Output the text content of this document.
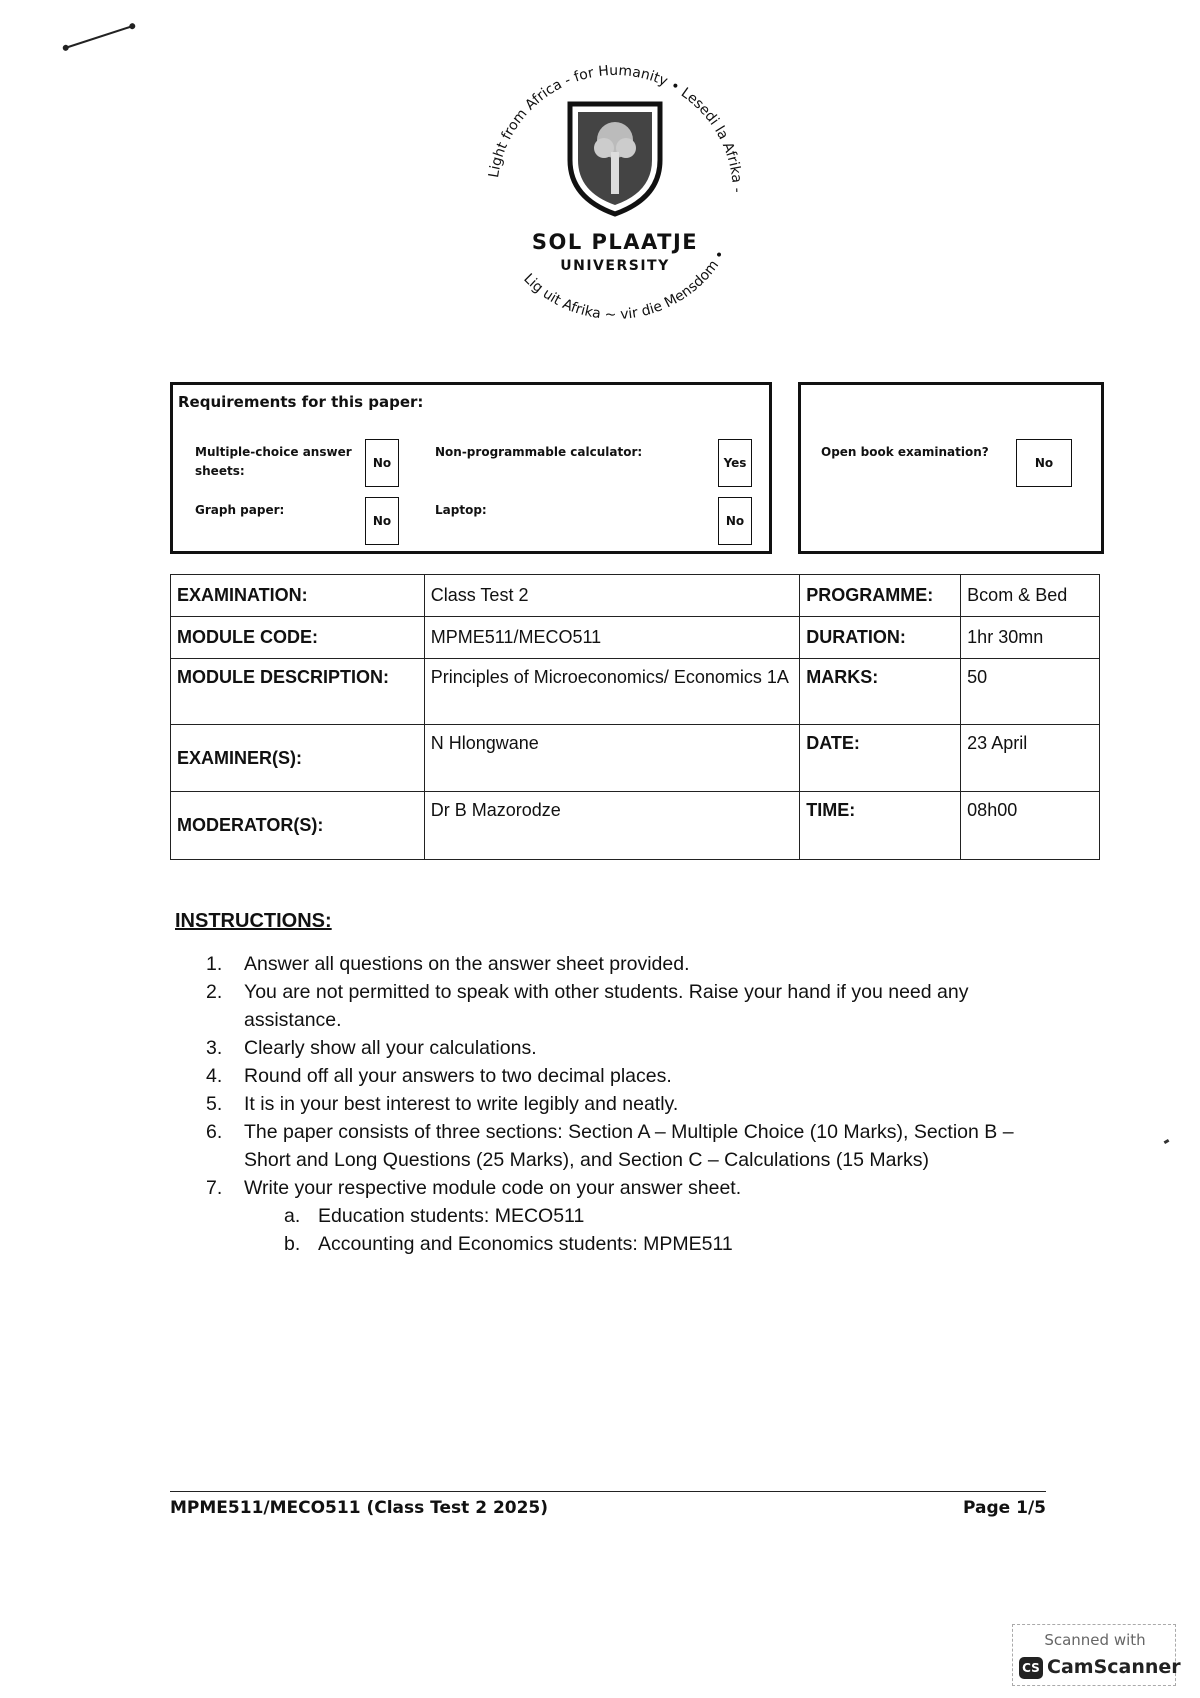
Light from Africa - for Humanity • Lesedi la Afrika -
Lig uit Afrika ~ vir die Mensdom •
SOL PLAATJE
UNIVERSITY
Requirements for this paper:
Multiple-choice answer sheets:
No
Graph paper:
No
Non-programmable calculator:
Yes
Laptop:
No
Open book examination?
No
EXAMINATION:	Class Test 2	PROGRAMME:	Bcom & Bed
MODULE CODE:	MPME511/MECO511	DURATION:	1hr 30mn
MODULE DESCRIPTION:	Principles of Microeconomics/ Economics 1A	MARKS:	50
EXAMINER(S):	N Hlongwane	DATE:	23 April
MODERATOR(S):	Dr B Mazorodze	TIME:	08h00
INSTRUCTIONS:
1. Answer all questions on the answer sheet provided.
2. You are not permitted to speak with other students. Raise your hand if you need any assistance.
3. Clearly show all your calculations.
4. Round off all your answers to two decimal places.
5. It is in your best interest to write legibly and neatly.
6. The paper consists of three sections: Section A – Multiple Choice (10 Marks), Section B – Short and Long Questions (25 Marks), and Section C – Calculations (15 Marks)
7. Write your respective module code on your answer sheet.
a. Education students: MECO511
b. Accounting and Economics students: MPME511
MPME511/MECO511 (Class Test 2 2025)	Page 1/5
Scanned with
CS CamScanner
